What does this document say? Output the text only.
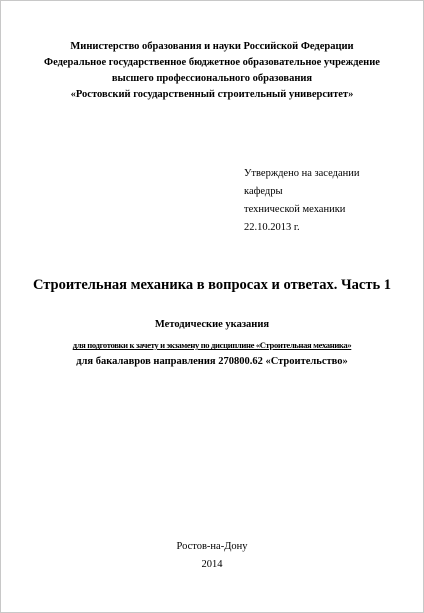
Министерство образования и науки Российской Федерации
Федеральное государственное бюджетное образовательное учреждение
высшего профессионального образования
«Ростовский государственный строительный университет»
Утверждено на заседании
кафедры
технической механики
22.10.2013 г.
Строительная механика в вопросах и ответах. Часть 1
Методические указания
для подготовки к зачету и экзамену по дисциплине «Строительная механика»
для бакалавров направления 270800.62 «Строительство»
Ростов-на-Дону
2014
